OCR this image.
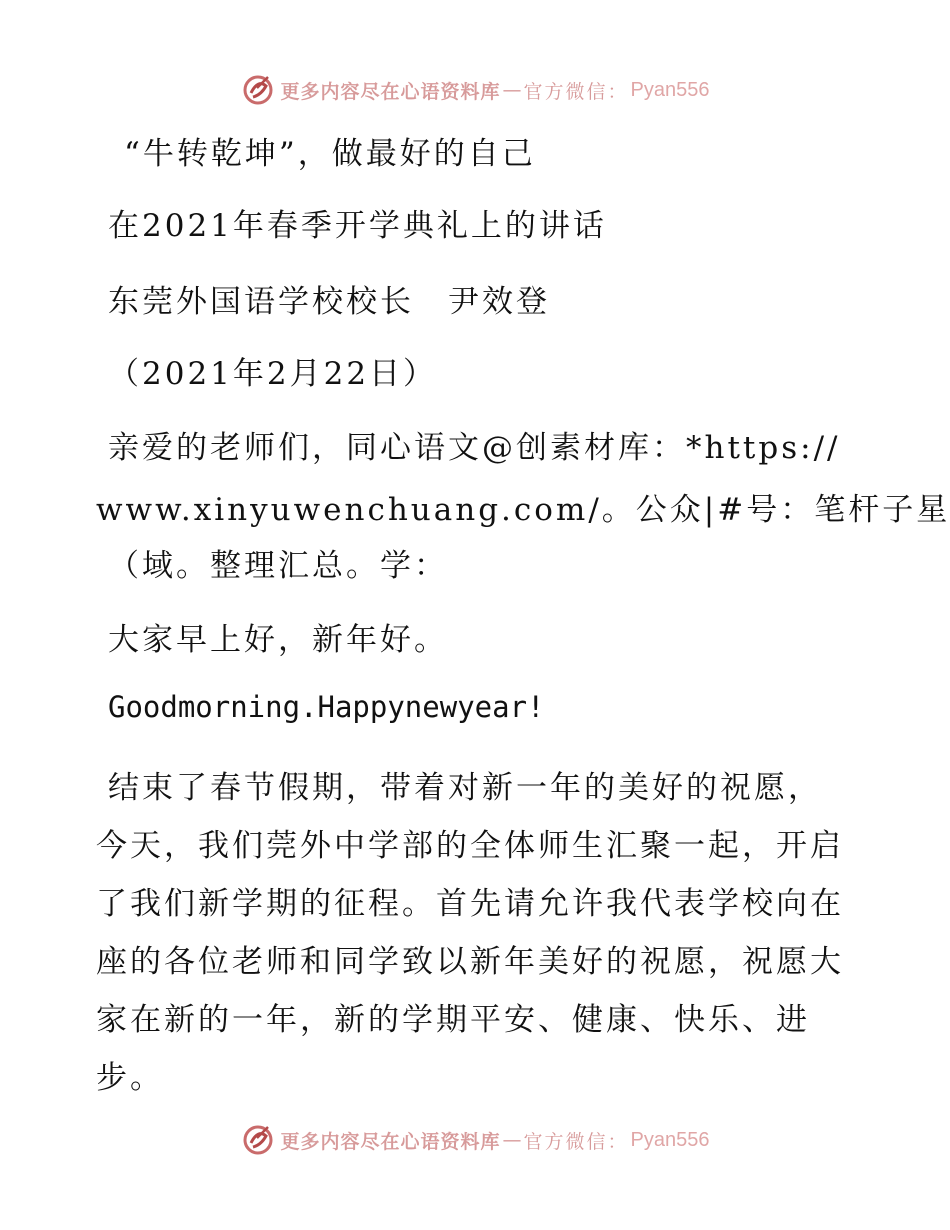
更多内容尽在心语资料库 — 官方微信： Pyan556
“牛转乾坤”，做最好的自己
在2021年春季开学典礼上的讲话
东莞外国语学校校长　尹效登
（2021年2月22日）
亲爱的老师们，同心语文@创素材库：*https://
www.xinyuwenchuang.com/。公众|#号：笔杆子星
（域。整理汇总。学：
大家早上好，新年好。
Goodmorning.Happynewyear!
结束了春节假期，带着对新一年的美好的祝愿，
今天，我们莞外中学部的全体师生汇聚一起，开启
了我们新学期的征程。首先请允许我代表学校向在
座的各位老师和同学致以新年美好的祝愿，祝愿大
家在新的一年，新的学期平安、健康、快乐、进
步。
更多内容尽在心语资料库 — 官方微信： Pyan556
